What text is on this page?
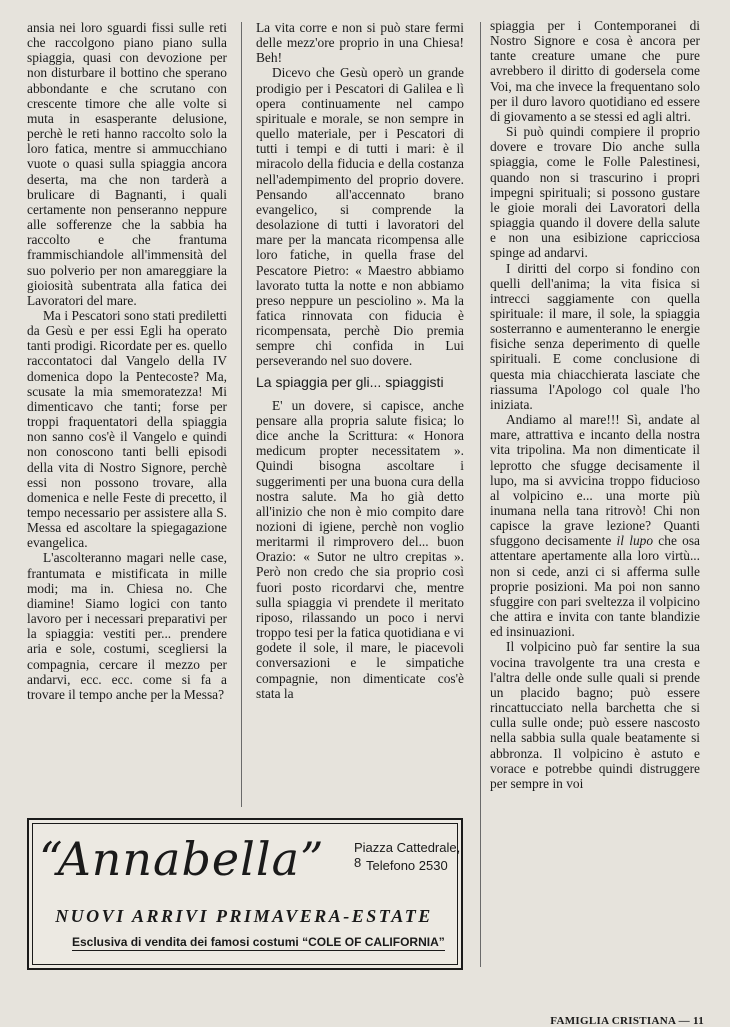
ansia nei loro sguardi fissi sulle reti che raccolgono piano piano sulla spiaggia, quasi con devozione per non disturbare il bottino che sperano abbondante e che scrutano con crescente timore che alle volte si muta in esasperante delusione, perchè le reti hanno raccolto solo la loro fatica, mentre si ammucchiano vuote o quasi sulla spiaggia ancora deserta, ma che non tarderà a brulicare di Bagnanti, i quali certamente non penseranno neppure alle sofferenze che la sabbia ha raccolto e che frantuma frammischiandole all'immensità del suo polverio per non amareggiare la gioiosità subentrata alla fatica dei Lavoratori del mare.

Ma i Pescatori sono stati prediletti da Gesù e per essi Egli ha operato tanti prodigi. Ricordate per es. quello raccontatoci dal Vangelo della IV domenica dopo la Pentecoste? Ma, scusate la mia smemoratezza! Mi dimenticavo che tanti; forse per troppi fraquentatori della spiaggia non sanno cos'è il Vangelo e quindi non conoscono tanti belli episodi della vita di Nostro Signore, perchè essi non possono trovare, alla domenica e nelle Feste di precetto, il tempo necessario per assistere alla S. Messa ed ascoltare la spiegagazione evangelica.

L'ascolteranno magari nelle case, frantumata e mistificata in mille modi; ma in. Chiesa no. Che diamine! Siamo logici con tanto lavoro per i necessari preparativi per la spiaggia: vestiti per... prendere aria e sole, costumi, scegliersi la compagnia, cercare il mezzo per andarvi, ecc. ecc. come si fa a trovare il tempo anche per la Messa?

La vita corre e non si può stare fermi delle mezz'ore proprio in una Chiesa! Beh!

Dicevo che Gesù operò un grande prodigio per i Pescatori di Galilea e lì opera continuamente nel campo spirituale e morale, se non sempre in quello materiale, per i Pescatori di tutti i tempi e di tutti i mari: è il miracolo della fiducia e della costanza nell'adempimento del proprio dovere. Pensando all'accennato brano evangelico, si comprende la desolazione di tutti i lavoratori del mare per la mancata ricompensa alle loro fatiche, in quella frase del Pescatore Pietro: « Maestro abbiamo lavorato tutta la notte e non abbiamo preso neppure un pesciolino ». Ma la fatica rinnovata con fiducia è ricompensata, perchè Dio premia sempre chi confida in Lui perseverando nel suo dovere.

La spiaggia per gli... spiaggisti

E' un dovere, si capisce, anche pensare alla propria salute fisica; lo dice anche la Scrittura: « Honora medicum propter necessitatem ». Quindi bisogna ascoltare i suggerimenti per una buona cura della nostra salute. Ma ho già detto all'inizio che non è mio compito dare nozioni di igiene, perchè non voglio meritarmi il rimprovero del... buon Orazio: « Sutor ne ultro crepitas ». Però non credo che sia proprio così fuori posto ricordarvi che, mentre sulla spiaggia vi prendete il meritato riposo, rilassando un poco i nervi troppo tesi per la fatica quotidiana e vi godete il sole, il mare, le piacevoli conversazioni e le simpatiche compagnie, non dimenticate cos'è stata la

spiaggia per i Contemporanei di Nostro Signore e cosa è ancora per tante creature umane che pure avrebbero il diritto di godersela come Voi, ma che invece la frequentano solo per il duro lavoro quotidiano ed essere di giovamento a se stessi ed agli altri.

Si può quindi compiere il proprio dovere e trovare Dio anche sulla spiaggia, come le Folle Palestinesi, quando non si trascurino i propri impegni spirituali; si possono gustare le gioie morali dei Lavoratori della spiaggia quando il dovere della salute e non una esibizione capricciosa spinge ad andarvi.

I diritti del corpo si fondino con quelli dell'anima; la vita fisica si intrecci saggiamente con quella spirituale: il mare, il sole, la spiaggia sosterranno e aumenteranno le energie fisiche senza deperimento di quelle spirituali. E come conclusione di questa mia chiacchierata lasciate che riassuma l'Apologo col quale l'ho iniziata.

Andiamo al mare!!! Sì, andate al mare, attrattiva e incanto della nostra vita tripolina. Ma non dimenticate il leprotto che sfugge decisamente il lupo, ma si avvicina troppo fiducioso al volpicino e... una morte più inumana nella tana ritrovò! Chi non capisce la grave lezione? Quanti sfuggono decisamente il lupo che osa attentare apertamente alla loro virtù... non si cede, anzi ci si afferma sulle proprie posizioni. Ma poi non sanno sfuggire con pari sveltezza il volpicino che attira e invita con tante blandizie ed insinuazioni.

Il volpicino può far sentire la sua vocina travolgente tra una cresta e l'altra delle onde sulle quali si prende un placido bagno; può essere rincattucciato nella barchetta che si culla sulle onde; può essere nascosto nella sabbia sulla quale beatamente si abbronza. Il volpicino è astuto e vorace e potrebbe quindi distruggere per sempre in voi

“Annabella” Piazza Cattedrale, 8 Telefono 2530
NUOVI ARRIVI PRIMAVERA-ESTATE
Esclusiva di vendita dei famosi costumi “COLE OF CALIFORNIA”
FAMIGLIA CRISTIANA — 11
